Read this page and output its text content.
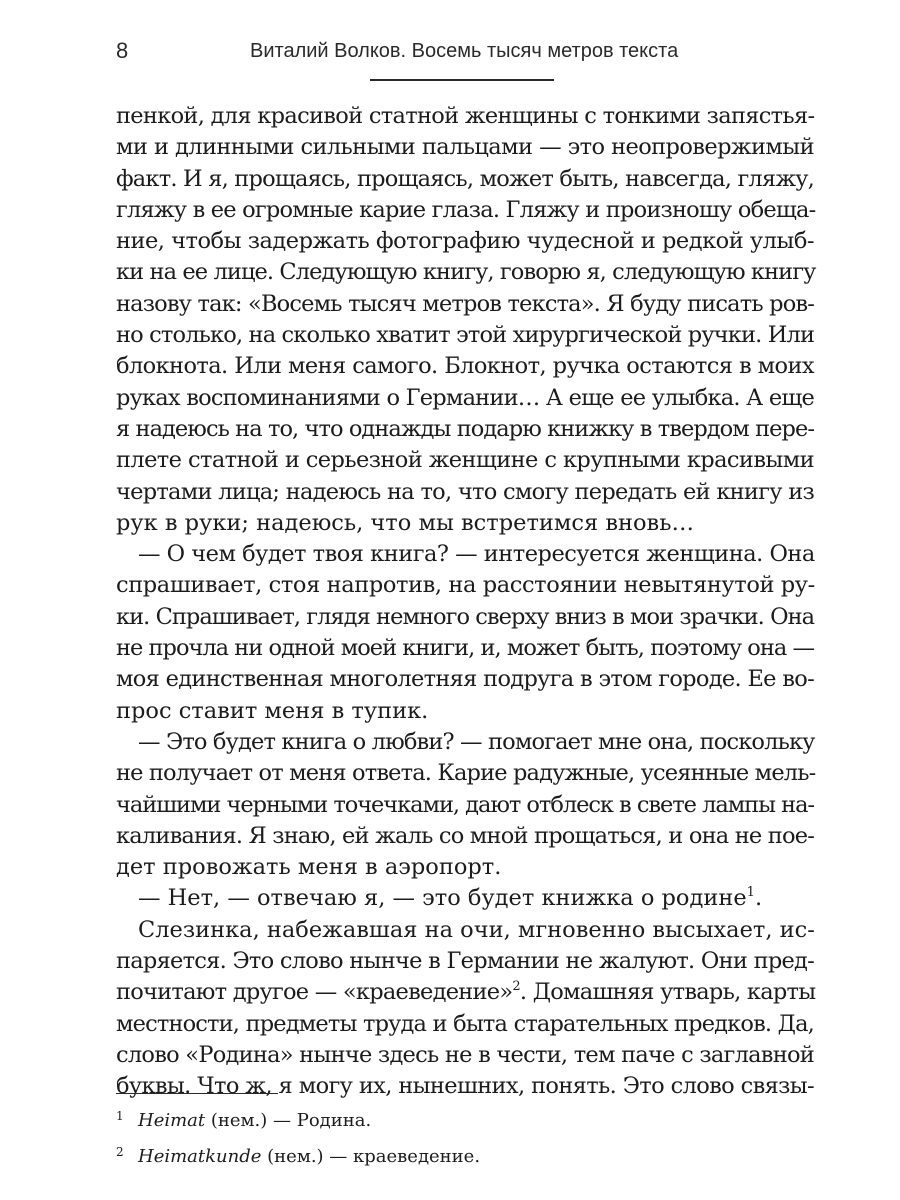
8	Виталий Волков. Восемь тысяч метров текста

пенкой, для красивой статной женщины с тонкими запястья-
ми и длинными сильными пальцами — это неопровержимый
факт. И я, прощаясь, прощаясь, может быть, навсегда, гляжу,
гляжу в ее огромные карие глаза. Гляжу и произношу обеща-
ние, чтобы задержать фотографию чудесной и редкой улыб-
ки на ее лице. Следующую книгу, говорю я, следующую книгу
назову так: «Восемь тысяч метров текста». Я буду писать ров-
но столько, на сколько хватит этой хирургической ручки. Или
блокнота. Или меня самого. Блокнот, ручка остаются в моих
руках воспоминаниями о Германии… А еще ее улыбка. А еще
я надеюсь на то, что однажды подарю книжку в твердом пере-
плете статной и серьезной женщине с крупными красивыми
чертами лица; надеюсь на то, что смогу передать ей книгу из
рук в руки; надеюсь, что мы встретимся вновь…

— О чем будет твоя книга? — интересуется женщина. Она
спрашивает, стоя напротив, на расстоянии невытянутой ру-
ки. Спрашивает, глядя немного сверху вниз в мои зрачки. Она
не прочла ни одной моей книги, и, может быть, поэтому она —
моя единственная многолетняя подруга в этом городе. Ее во-
прос ставит меня в тупик.

— Это будет книга о любви? — помогает мне она, поскольку
не получает от меня ответа. Карие радужные, усеянные мель-
чайшими черными точечками, дают отблеск в свете лампы на-
каливания. Я знаю, ей жаль со мной прощаться, и она не пое-
дет провожать меня в аэропорт.

— Нет, — отвечаю я, — это будет книжка о родине$^1$.

Слезинка, набежавшая на очи, мгновенно высыхает, ис-
паряется. Это слово нынче в Германии не жалуют. Они пред-
почитают другое — «краеведение»$^2$. Домашняя утварь, карты
местности, предметы труда и быта старательных предков. Да,
слово «Родина» нынче здесь не в чести, тем паче с заглавной
буквы. Что ж, я могу их, нынешних, понять. Это слово связы-

1 Heimat (нем.) — Родина.
2 Heimatkunde (нем.) — краеведение.
